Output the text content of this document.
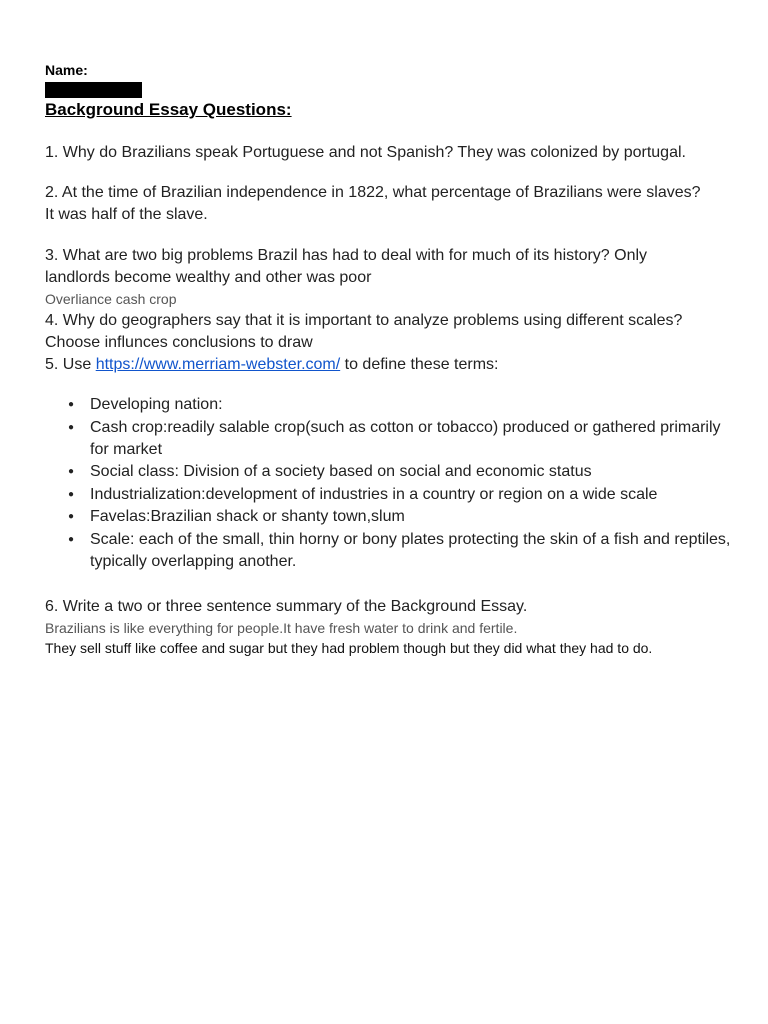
Name:
Background Essay Questions:
1. Why do Brazilians speak Portuguese and not Spanish? They was colonized by portugal.
2. At the time of Brazilian independence in 1822, what percentage of Brazilians were slaves?
It was half of the slave.
3. What are two big problems Brazil has had to deal with for much of its history? Only
landlords become wealthy and other was poor
Overliance cash crop
4. Why do geographers say that it is important to analyze problems using different scales?
Choose influnces conclusions to draw
5. Use https://www.merriam-webster.com/ to define these terms:
● Developing nation:
● Cash crop:readily salable crop(such as cotton or tobacco) produced or gathered primarily for market
● Social class: Division of a society based on social and economic status
● Industrialization:development of industries in a country or region on a wide scale
● Favelas:Brazilian shack or shanty town,slum
● Scale: each of the small, thin horny or bony plates protecting the skin of a fish and reptiles, typically overlapping another.
6. Write a two or three sentence summary of the Background Essay.
Brazilians is like everything for people.It have fresh water to drink and fertile.
They sell stuff like coffee and sugar but they had problem though but they did what they had to do.
